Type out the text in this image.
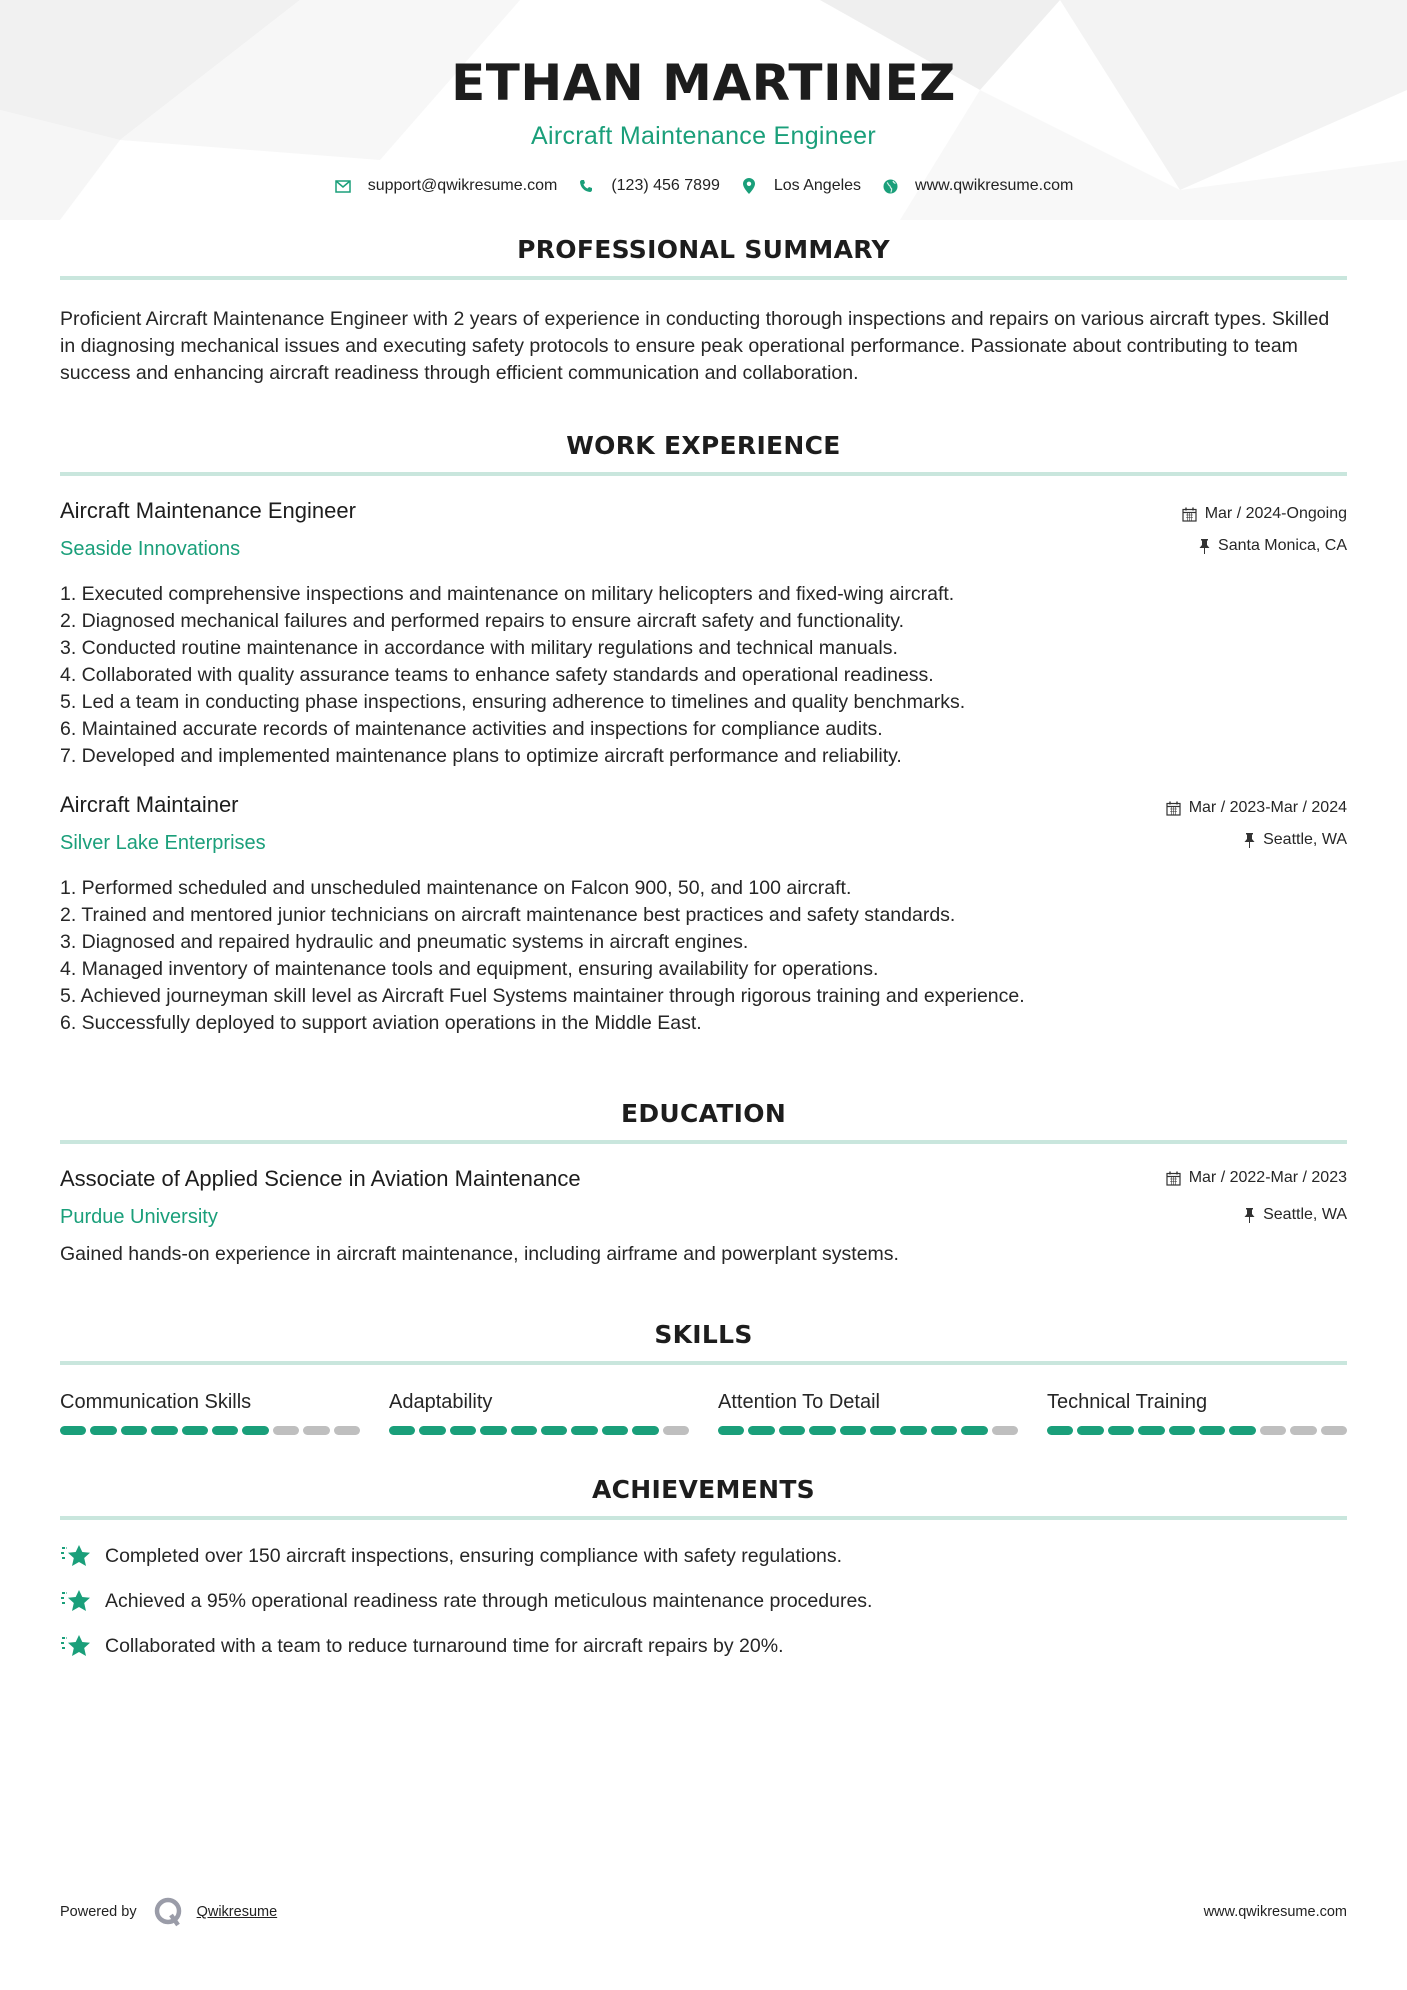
ETHAN MARTINEZ
Aircraft Maintenance Engineer
support@qwikresume.com	(123) 456 7899	Los Angeles	www.qwikresume.com
PROFESSIONAL SUMMARY

Proficient Aircraft Maintenance Engineer with 2 years of experience in conducting thorough inspections and repairs on various aircraft types. Skilled in diagnosing mechanical issues and executing safety protocols to ensure peak operational performance. Passionate about contributing to team success and enhancing aircraft readiness through efficient communication and collaboration.

WORK EXPERIENCE
Aircraft Maintenance Engineer
Seaside Innovations
Mar / 2024-Ongoing
Santa Monica, CA
1. Executed comprehensive inspections and maintenance on military helicopters and fixed-wing aircraft.
2. Diagnosed mechanical failures and performed repairs to ensure aircraft safety and functionality.
3. Conducted routine maintenance in accordance with military regulations and technical manuals.
4. Collaborated with quality assurance teams to enhance safety standards and operational readiness.
5. Led a team in conducting phase inspections, ensuring adherence to timelines and quality benchmarks.
6. Maintained accurate records of maintenance activities and inspections for compliance audits.
7. Developed and implemented maintenance plans to optimize aircraft performance and reliability.
Aircraft Maintainer
Silver Lake Enterprises
Mar / 2023-Mar / 2024
Seattle, WA
1. Performed scheduled and unscheduled maintenance on Falcon 900, 50, and 100 aircraft.
2. Trained and mentored junior technicians on aircraft maintenance best practices and safety standards.
3. Diagnosed and repaired hydraulic and pneumatic systems in aircraft engines.
4. Managed inventory of maintenance tools and equipment, ensuring availability for operations.
5. Achieved journeyman skill level as Aircraft Fuel Systems maintainer through rigorous training and experience.
6. Successfully deployed to support aviation operations in the Middle East.
EDUCATION
Associate of Applied Science in Aviation Maintenance
Purdue University
Mar / 2022-Mar / 2023
Seattle, WA

Gained hands-on experience in aircraft maintenance, including airframe and powerplant systems.

SKILLS
Communication Skills	Adaptability	Attention To Detail	Technical Training
ACHIEVEMENTS
Completed over 150 aircraft inspections, ensuring compliance with safety regulations.
Achieved a 95% operational readiness rate through meticulous maintenance procedures.
Collaborated with a team to reduce turnaround time for aircraft repairs by 20%.
Powered by	Qwikresume	www.qwikresume.com
